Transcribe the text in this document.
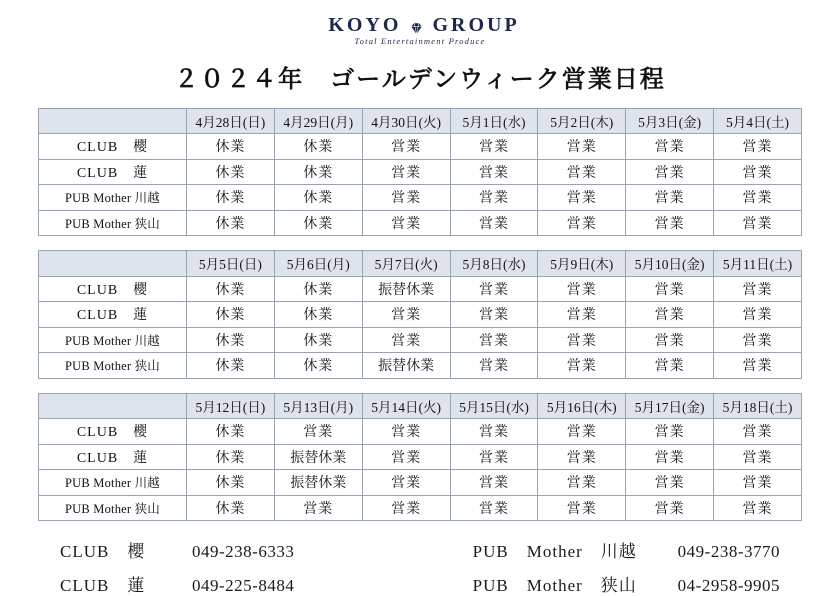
KOYO GROUP
Total Entertainment Produce
２０２４年　ゴールデンウィーク営業日程
	4月28日(日)	4月29日(月)	4月30日(火)	5月1日(水)	5月2日(木)	5月3日(金)	5月4日(土)
CLUB　櫻	休業	休業	営業	営業	営業	営業	営業
CLUB　蓮	休業	休業	営業	営業	営業	営業	営業
PUB Mother 川越	休業	休業	営業	営業	営業	営業	営業
PUB Mother 狭山	休業	休業	営業	営業	営業	営業	営業
	5月5日(日)	5月6日(月)	5月7日(火)	5月8日(水)	5月9日(木)	5月10日(金)	5月11日(土)
CLUB　櫻	休業	休業	振替休業	営業	営業	営業	営業
CLUB　蓮	休業	休業	営業	営業	営業	営業	営業
PUB Mother 川越	休業	休業	営業	営業	営業	営業	営業
PUB Mother 狭山	休業	休業	振替休業	営業	営業	営業	営業
	5月12日(日)	5月13日(月)	5月14日(火)	5月15日(水)	5月16日(木)	5月17日(金)	5月18日(土)
CLUB　櫻	休業	営業	営業	営業	営業	営業	営業
CLUB　蓮	休業	振替休業	営業	営業	営業	営業	営業
PUB Mother 川越	休業	振替休業	営業	営業	営業	営業	営業
PUB Mother 狭山	休業	営業	営業	営業	営業	営業	営業
CLUB　櫻	049-238-6333
CLUB　蓮	049-225-8484
PUB　Mother　川越	049-238-3770
PUB　Mother　狭山	04-2958-9905
